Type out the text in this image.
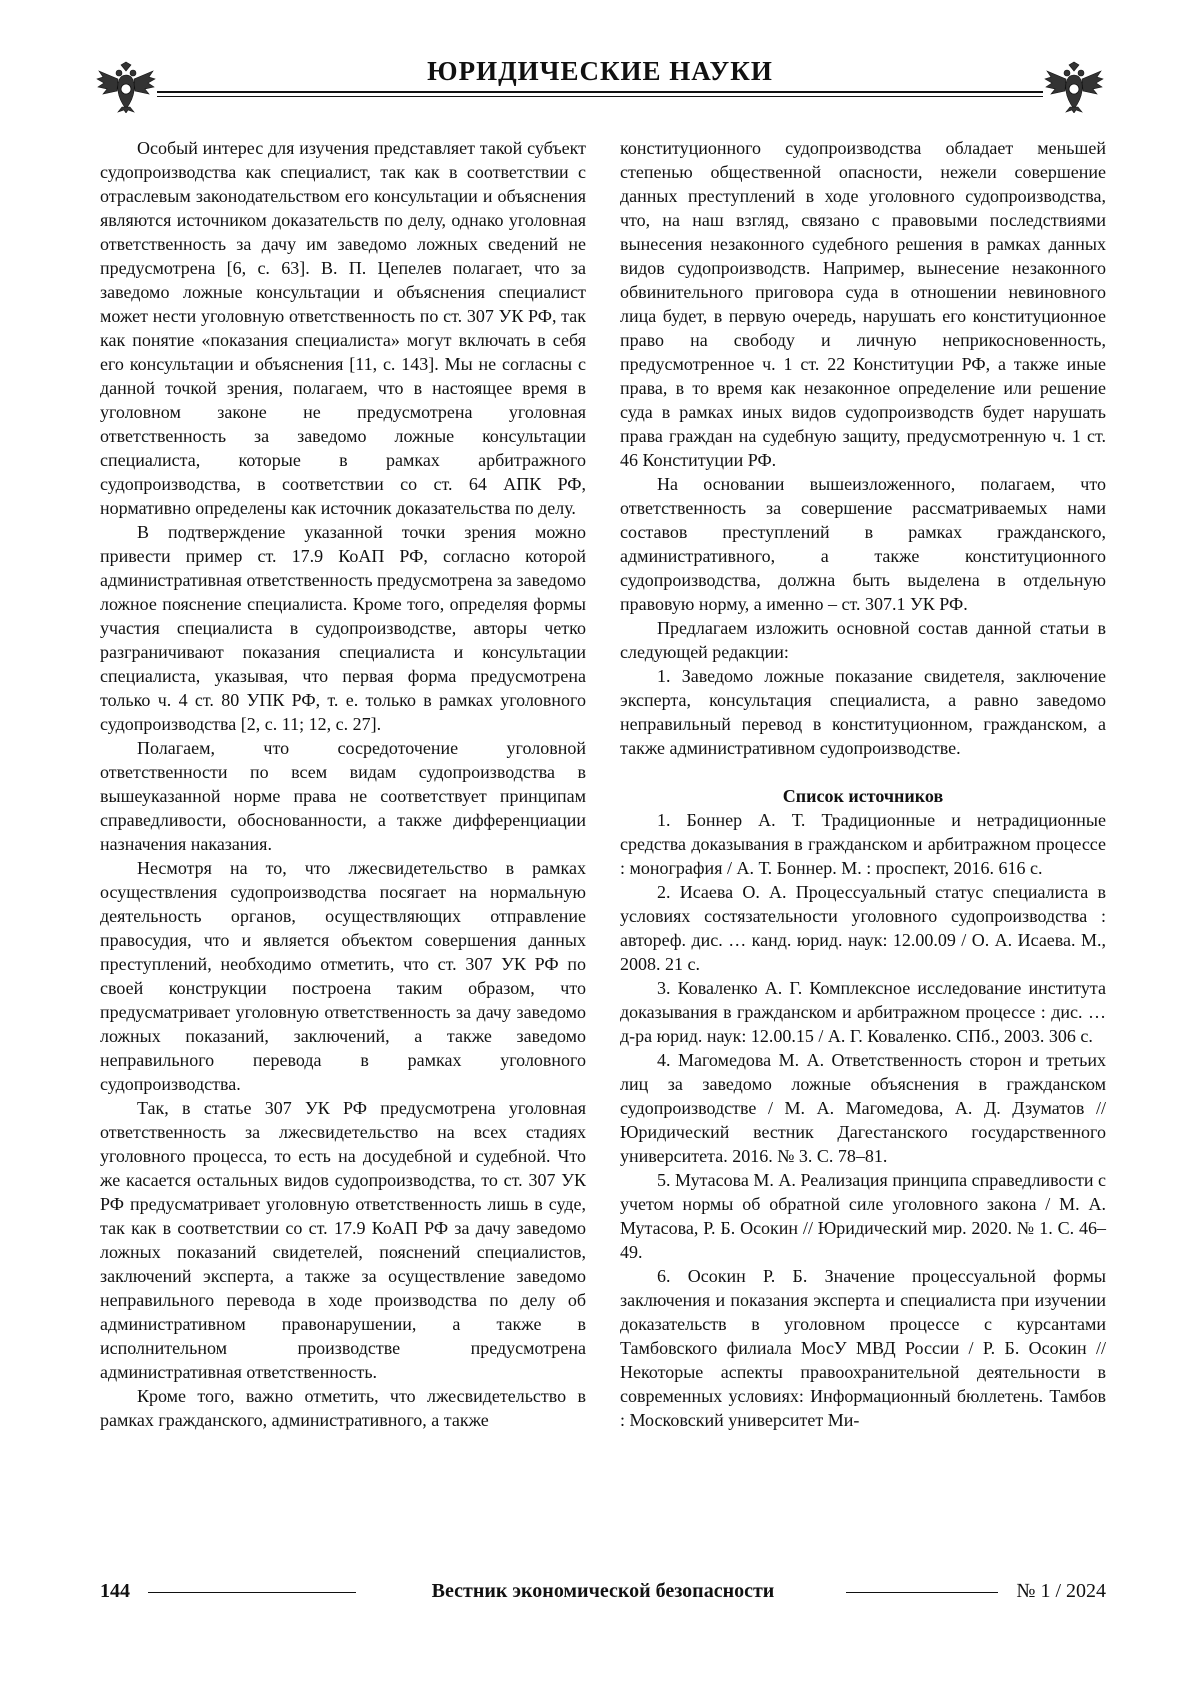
ЮРИДИЧЕСКИЕ НАУКИ

Особый интерес для изучения представляет такой субъект судопроизводства как специалист, так как в соответствии с отраслевым законодательством его консультации и объяснения являются источником доказательств по делу, однако уголовная ответственность за дачу им заведомо ложных сведений не предусмотрена [6, с. 63]. В. П. Цепелев полагает, что за заведомо ложные консультации и объяснения специалист может нести уголовную ответственность по ст. 307 УК РФ, так как понятие «показания специалиста» могут включать в себя его консультации и объяснения [11, с. 143]. Мы не согласны с данной точкой зрения, полагаем, что в настоящее время в уголовном законе не предусмотрена уголовная ответственность за заведомо ложные консультации специалиста, которые в рамках арбитражного судопроизводства, в соответствии со ст. 64 АПК РФ, нормативно определены как источник доказательства по делу.

В подтверждение указанной точки зрения можно привести пример ст. 17.9 КоАП РФ, согласно которой административная ответственность предусмотрена за заведомо ложное пояснение специалиста. Кроме того, определяя формы участия специалиста в судопроизводстве, авторы четко разграничивают показания специалиста и консультации специалиста, указывая, что первая форма предусмотрена только ч. 4 ст. 80 УПК РФ, т. е. только в рамках уголовного судопроизводства [2, с. 11; 12, с. 27].

Полагаем, что сосредоточение уголовной ответственности по всем видам судопроизводства в вышеуказанной норме права не соответствует принципам справедливости, обоснованности, а также дифференциации назначения наказания.

Несмотря на то, что лжесвидетельство в рамках осуществления судопроизводства посягает на нормальную деятельность органов, осуществляющих отправление правосудия, что и является объектом совершения данных преступлений, необходимо отметить, что ст. 307 УК РФ по своей конструкции построена таким образом, что предусматривает уголовную ответственность за дачу заведомо ложных показаний, заключений, а также заведомо неправильного перевода в рамках уголовного судопроизводства.

Так, в статье 307 УК РФ предусмотрена уголовная ответственность за лжесвидетельство на всех стадиях уголовного процесса, то есть на досудебной и судебной. Что же касается остальных видов судопроизводства, то ст. 307 УК РФ предусматривает уголовную ответственность лишь в суде, так как в соответствии со ст. 17.9 КоАП РФ за дачу заведомо ложных показаний свидетелей, пояснений специалистов, заключений эксперта, а также за осуществление заведомо неправильного перевода в ходе производства по делу об административном правонарушении, а также в исполнительном производстве предусмотрена административная ответственность.

Кроме того, важно отметить, что лжесвидетельство в рамках гражданского, административного, а также

конституционного судопроизводства обладает меньшей степенью общественной опасности, нежели совершение данных преступлений в ходе уголовного судопроизводства, что, на наш взгляд, связано с правовыми последствиями вынесения незаконного судебного решения в рамках данных видов судопроизводств. Например, вынесение незаконного обвинительного приговора суда в отношении невиновного лица будет, в первую очередь, нарушать его конституционное право на свободу и личную неприкосновенность, предусмотренное ч. 1 ст. 22 Конституции РФ, а также иные права, в то время как незаконное определение или решение суда в рамках иных видов судопроизводств будет нарушать права граждан на судебную защиту, предусмотренную ч. 1 ст. 46 Конституции РФ.

На основании вышеизложенного, полагаем, что ответственность за совершение рассматриваемых нами составов преступлений в рамках гражданского, административного, а также конституционного судопроизводства, должна быть выделена в отдельную правовую норму, а именно – ст. 307.1 УК РФ.

Предлагаем изложить основной состав данной статьи в следующей редакции:

1. Заведомо ложные показание свидетеля, заключение эксперта, консультация специалиста, а равно заведомо неправильный перевод в конституционном, гражданском, а также административном судопроизводстве.

Список источников

1. Боннер А. Т. Традиционные и нетрадиционные средства доказывания в гражданском и арбитражном процессе : монография / А. Т. Боннер. М. : проспект, 2016. 616 с.

2. Исаева О. А. Процессуальный статус специалиста в условиях состязательности уголовного судопроизводства : автореф. дис. … канд. юрид. наук: 12.00.09 / О. А. Исаева. М., 2008. 21 с.

3. Коваленко А. Г. Комплексное исследование института доказывания в гражданском и арбитражном процессе : дис. … д-ра юрид. наук: 12.00.15 / А. Г. Коваленко. СПб., 2003. 306 с.

4. Магомедова М. А. Ответственность сторон и третьих лиц за заведомо ложные объяснения в гражданском судопроизводстве / М. А. Магомедова, А. Д. Дзуматов // Юридический вестник Дагестанского государственного университета. 2016. № 3. С. 78–81.

5. Мутасова М. А. Реализация принципа справедливости с учетом нормы об обратной силе уголовного закона / М. А. Мутасова, Р. Б. Осокин // Юридический мир. 2020. № 1. С. 46–49.

6. Осокин Р. Б. Значение процессуальной формы заключения и показания эксперта и специалиста при изучении доказательств в уголовном процессе с курсантами Тамбовского филиала МосУ МВД России / Р. Б. Осокин // Некоторые аспекты правоохранительной деятельности в современных условиях: Информационный бюллетень. Тамбов : Московский университет Ми-

144	Вестник экономической безопасности	№ 1 / 2024
